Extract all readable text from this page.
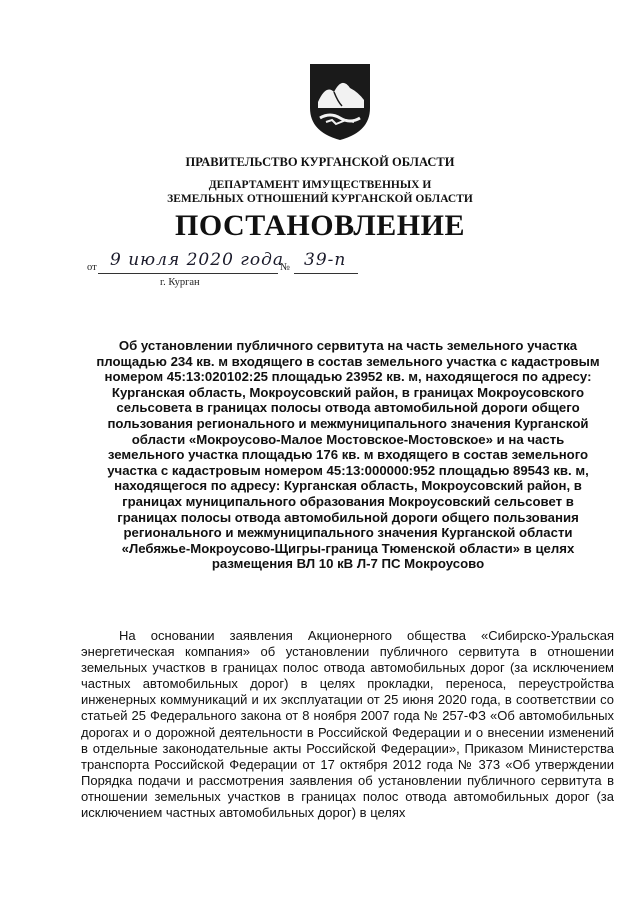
ПРАВИТЕЛЬСТВО КУРГАНСКОЙ ОБЛАСТИ
ДЕПАРТАМЕНТ ИМУЩЕСТВЕННЫХ И
ЗЕМЕЛЬНЫХ ОТНОШЕНИЙ КУРГАНСКОЙ ОБЛАСТИ
ПОСТАНОВЛЕНИЕ
от 9 июля 2020 года
№ 39-п
г. Курган
Об установлении публичного сервитута на часть земельного участка площадью 234 кв. м входящего в состав земельного участка с кадастровым номером 45:13:020102:25 площадью 23952 кв. м, находящегося по адресу: Курганская область, Мокроусовский район, в границах Мокроусовского сельсовета в границах полосы отвода автомобильной дороги общего пользования регионального и межмуниципального значения Курганской области «Мокроусово-Малое Мостовское-Мостовское» и на часть земельного участка площадью 176 кв. м входящего в состав земельного участка с кадастровым номером 45:13:000000:952 площадью 89543 кв. м, находящегося по адресу: Курганская область, Мокроусовский район, в границах муниципального образования Мокроусовский сельсовет в границах полосы отвода автомобильной дороги общего пользования регионального и межмуниципального значения Курганской области «Лебяжье-Мокроусово-Щигры-граница Тюменской области» в целях размещения ВЛ 10 кВ Л-7 ПС Мокроусово
На основании заявления Акционерного общества «Сибирско-Уральская энергетическая компания» об установлении публичного сервитута в отношении земельных участков в границах полос отвода автомобильных дорог (за исключением частных автомобильных дорог) в целях прокладки, переноса, переустройства инженерных коммуникаций и их эксплуатации от 25 июня 2020 года, в соответствии со статьей 25 Федерального закона от 8 ноября 2007 года № 257-ФЗ «Об автомобильных дорогах и о дорожной деятельности в Российской Федерации и о внесении изменений в отдельные законодательные акты Российской Федерации», Приказом Министерства транспорта Российской Федерации от 17 октября 2012 года № 373 «Об утверждении Порядка подачи и рассмотрения заявления об установлении публичного сервитута в отношении земельных участков в границах полос отвода автомобильных дорог (за исключением частных автомобильных дорог) в целях
